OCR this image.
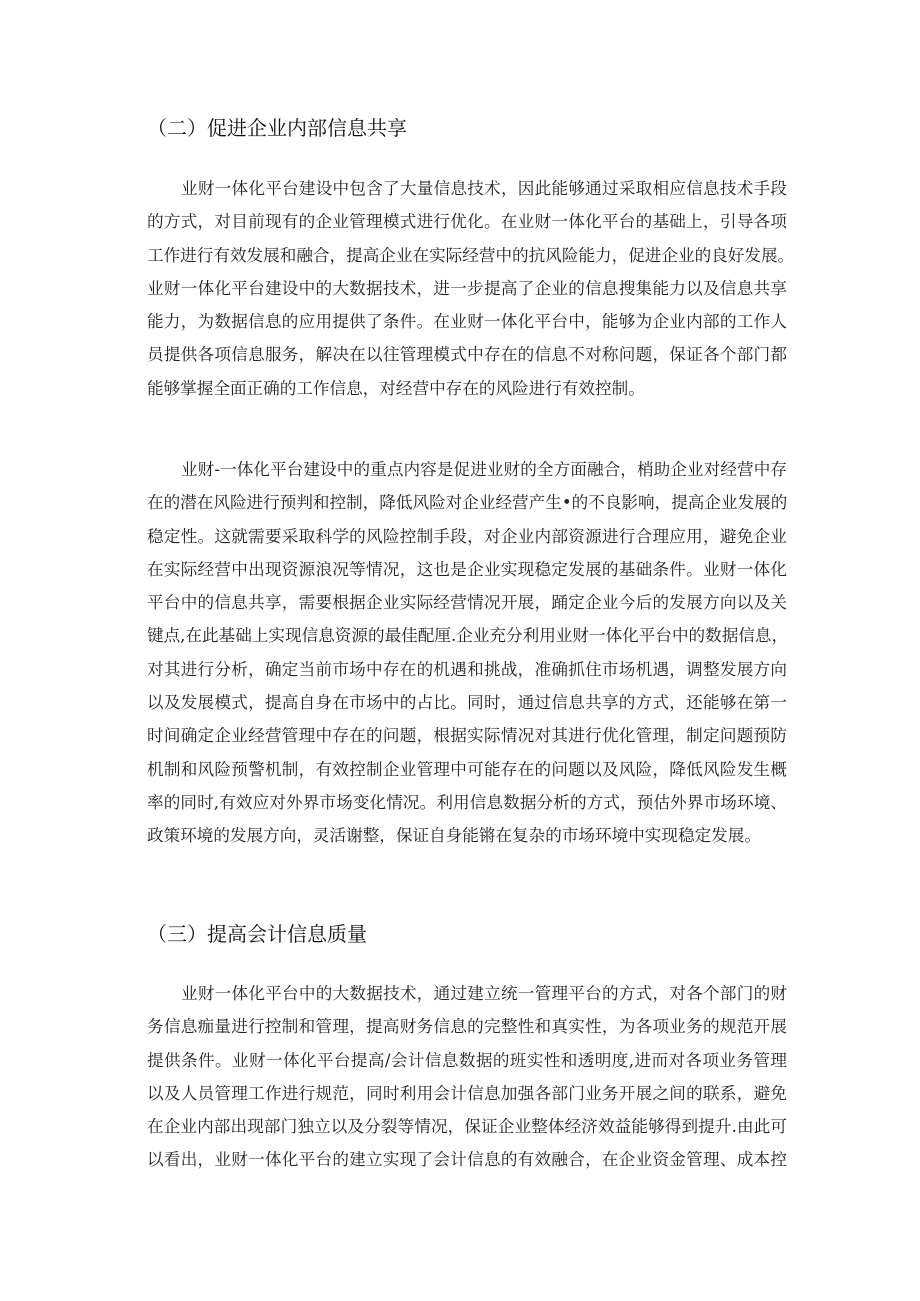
（二）促进企业内部信息共享
业财一体化平台建设中包含了大量信息技术，因此能够通过采取相应信息技术手段
的方式，对目前现有的企业管理模式进行优化。在业财一体化平台的基础上，引导各项
工作进行有效发展和融合，提高企业在实际经营中的抗风险能力，促进企业的良好发展。
业财一体化平台建设中的大数据技术，进一步提高了企业的信息搜集能力以及信息共享
能力，为数据信息的应用提供了条件。在业财一体化平台中，能够为企业内部的工作人
员提供各项信息服务，解决在以往管理模式中存在的信息不对称问题，保证各个部门都
能够掌握全面正确的工作信息，对经营中存在的风险进行有效控制。
业财-一体化平台建设中的重点内容是促进业财的全方面融合，梢助企业对经营中存
在的潜在风险进行预判和控制，降低风险对企业经营产生•的不良影响，提高企业发展的
稳定性。这就需要采取科学的风险控制手段，对企业内部资源进行合理应用，避免企业
在实际经营中出现资源浪况等情况，这也是企业实现稳定发展的基础条件。业财一体化
平台中的信息共享，需要根据企业实际经营情况开展，踊定企业今后的发展方向以及关
键点,在此基础上实现信息资源的最佳配厘.企业充分利用业财一体化平台中的数据信息，
对其进行分析，确定当前市场中存在的机遇和挑战，准确抓住市场机遇，调整发展方向
以及发展模式，提高自身在市场中的占比。同时，通过信息共享的方式，还能够在第一
时间确定企业经营管理中存在的问题，根据实际情况对其进行优化管理，制定问题预防
机制和风险预警机制，有效控制企业管理中可能存在的问题以及风险，降低风险发生概
率的同时,有效应对外界市场变化情况。利用信息数据分析的方式，预估外界市场环境、
政策环境的发展方向，灵活谢整，保证自身能锵在复杂的市场环境中实现稳定发展。
（三）提高会计信息质量
业财一体化平台中的大数据技术，通过建立统一管理平台的方式，对各个部门的财
务信息痂量进行控制和管理，提高财务信息的完整性和真实性，为各项业务的规范开展
提供条件。业财一体化平台提高/会计信息数据的班实性和透明度,进而对各项业务管理
以及人员管理工作进行规范，同时利用会计信息加强各部门业务开展之间的联系，避免
在企业内部出现部门独立以及分裂等情况，保证企业整体经济效益能够得到提升.由此可
以看出，业财一体化平台的建立实现了会计信息的有效融合，在企业资金管理、成本控
